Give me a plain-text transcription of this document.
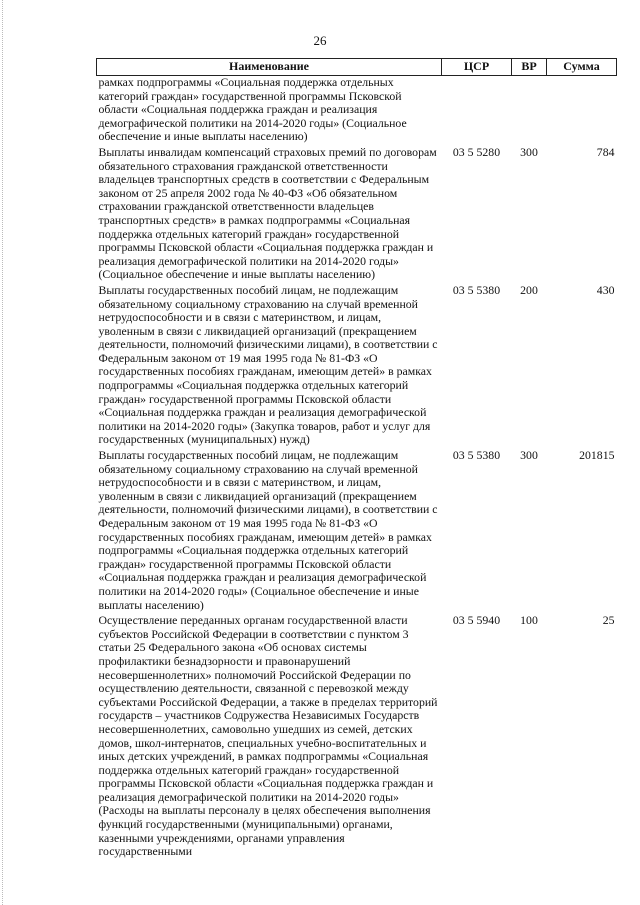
26
Наименование	ЦСР	ВР	Сумма
рамках подпрограммы «Социальная поддержка отдельных категорий граждан» государственной программы Псковской области «Социальная поддержка граждан и реализация демографической политики на 2014-2020 годы» (Социальное обеспечение и иные выплаты населению)			
Выплаты инвалидам компенсаций страховых премий по договорам обязательного страхования гражданской ответственности владельцев транспортных средств в соответствии с Федеральным законом от 25 апреля 2002 года № 40-ФЗ «Об обязательном страховании гражданской ответственности владельцев транспортных средств» в рамках подпрограммы «Социальная поддержка отдельных категорий граждан» государственной программы Псковской области «Социальная поддержка граждан и реализация демографической политики на 2014-2020 годы» (Социальное обеспечение и иные выплаты населению)	03 5 5280	300	784
Выплаты государственных пособий лицам, не подлежащим обязательному социальному страхованию на случай временной нетрудоспособности и в связи с материнством, и лицам, уволенным в связи с ликвидацией организаций (прекращением деятельности, полномочий физическими лицами), в соответствии с Федеральным законом от 19 мая 1995 года № 81-ФЗ «О государственных пособиях гражданам, имеющим детей» в рамках подпрограммы «Социальная поддержка отдельных категорий граждан» государственной программы Псковской области «Социальная поддержка граждан и реализация демографической политики на 2014-2020 годы» (Закупка товаров, работ и услуг для государственных (муниципальных) нужд)	03 5 5380	200	430
Выплаты государственных пособий лицам, не подлежащим обязательному социальному страхованию на случай временной нетрудоспособности и в связи с материнством, и лицам, уволенным в связи с ликвидацией организаций (прекращением деятельности, полномочий физическими лицами), в соответствии с Федеральным законом от 19 мая 1995 года № 81-ФЗ «О государственных пособиях гражданам, имеющим детей» в рамках подпрограммы «Социальная поддержка отдельных категорий граждан» государственной программы Псковской области «Социальная поддержка граждан и реализация демографической политики на 2014-2020 годы» (Социальное обеспечение и иные выплаты населению)	03 5 5380	300	201815
Осуществление переданных органам государственной власти субъектов Российской Федерации в соответствии с пунктом 3 статьи 25 Федерального закона «Об основах системы профилактики безнадзорности и правонарушений несовершеннолетних» полномочий Российской Федерации по осуществлению деятельности, связанной с перевозкой между субъектами Российской Федерации, а также в пределах территорий государств – участников Содружества Независимых Государств несовершеннолетних, самовольно ушедших из семей, детских домов, школ-интернатов, специальных учебно-воспитательных и иных детских учреждений, в рамках подпрограммы «Социальная поддержка отдельных категорий граждан» государственной программы Псковской области «Социальная поддержка граждан и реализация демографической политики на 2014-2020 годы» (Расходы на выплаты персоналу в целях обеспечения выполнения функций государственными (муниципальными) органами, казенными учреждениями, органами управления государственными	03 5 5940	100	25
